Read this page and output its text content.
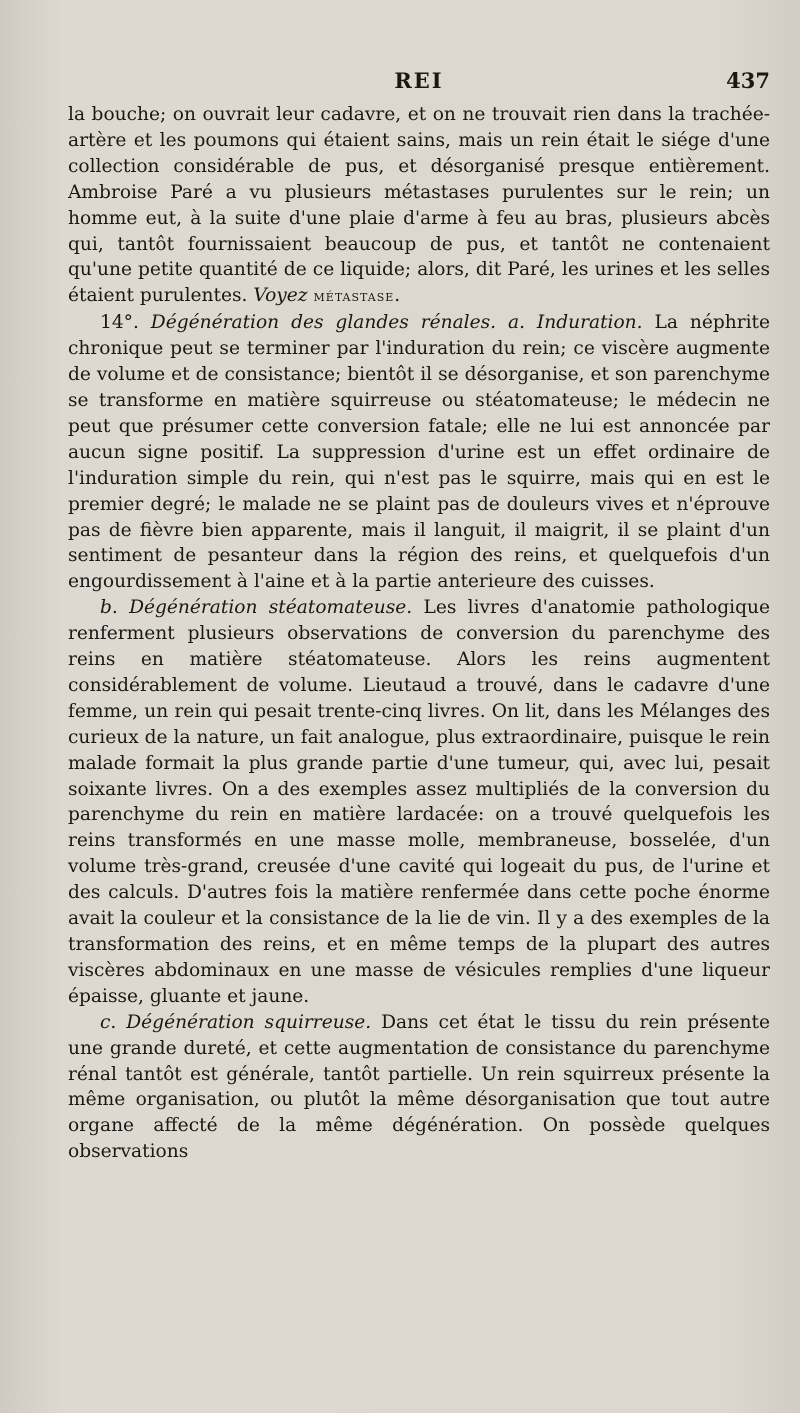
REI	437

la bouche; on ouvrait leur cadavre, et on ne trouvait rien dans la trachée-artère et les poumons qui étaient sains, mais un rein était le siége d'une collection considérable de pus, et désorganisé presque entièrement. Ambroise Paré a vu plusieurs métastases purulentes sur le rein; un homme eut, à la suite d'une plaie d'arme à feu au bras, plusieurs abcès qui, tantôt fournissaient beaucoup de pus, et tantôt ne contenaient qu'une petite quantité de ce liquide; alors, dit Paré, les urines et les selles étaient purulentes. Voyez métastase.

14°. Dégénération des glandes rénales. a. Induration. La néphrite chronique peut se terminer par l'induration du rein; ce viscère augmente de volume et de consistance; bientôt il se désorganise, et son parenchyme se transforme en matière squirreuse ou stéatomateuse; le médecin ne peut que présumer cette conversion fatale; elle ne lui est annoncée par aucun signe positif. La suppression d'urine est un effet ordinaire de l'induration simple du rein, qui n'est pas le squirre, mais qui en est le premier degré; le malade ne se plaint pas de douleurs vives et n'éprouve pas de fièvre bien apparente, mais il languit, il maigrit, il se plaint d'un sentiment de pesanteur dans la région des reins, et quelquefois d'un engourdissement à l'aine et à la partie anterieure des cuisses.

b. Dégénération stéatomateuse. Les livres d'anatomie pathologique renferment plusieurs observations de conversion du parenchyme des reins en matière stéatomateuse. Alors les reins augmentent considérablement de volume. Lieutaud a trouvé, dans le cadavre d'une femme, un rein qui pesait trente-cinq livres. On lit, dans les Mélanges des curieux de la nature, un fait analogue, plus extraordinaire, puisque le rein malade formait la plus grande partie d'une tumeur, qui, avec lui, pesait soixante livres. On a des exemples assez multipliés de la conversion du parenchyme du rein en matière lardacée: on a trouvé quelquefois les reins transformés en une masse molle, membraneuse, bosselée, d'un volume très-grand, creusée d'une cavité qui logeait du pus, de l'urine et des calculs. D'autres fois la matière renfermée dans cette poche énorme avait la couleur et la consistance de la lie de vin. Il y a des exemples de la transformation des reins, et en même temps de la plupart des autres viscères abdominaux en une masse de vésicules remplies d'une liqueur épaisse, gluante et jaune.

c. Dégénération squirreuse. Dans cet état le tissu du rein présente une grande dureté, et cette augmentation de consistance du parenchyme rénal tantôt est générale, tantôt partielle. Un rein squirreux présente la même organisation, ou plutôt la même désorganisation que tout autre organe affecté de la même dégénération. On possède quelques observations
